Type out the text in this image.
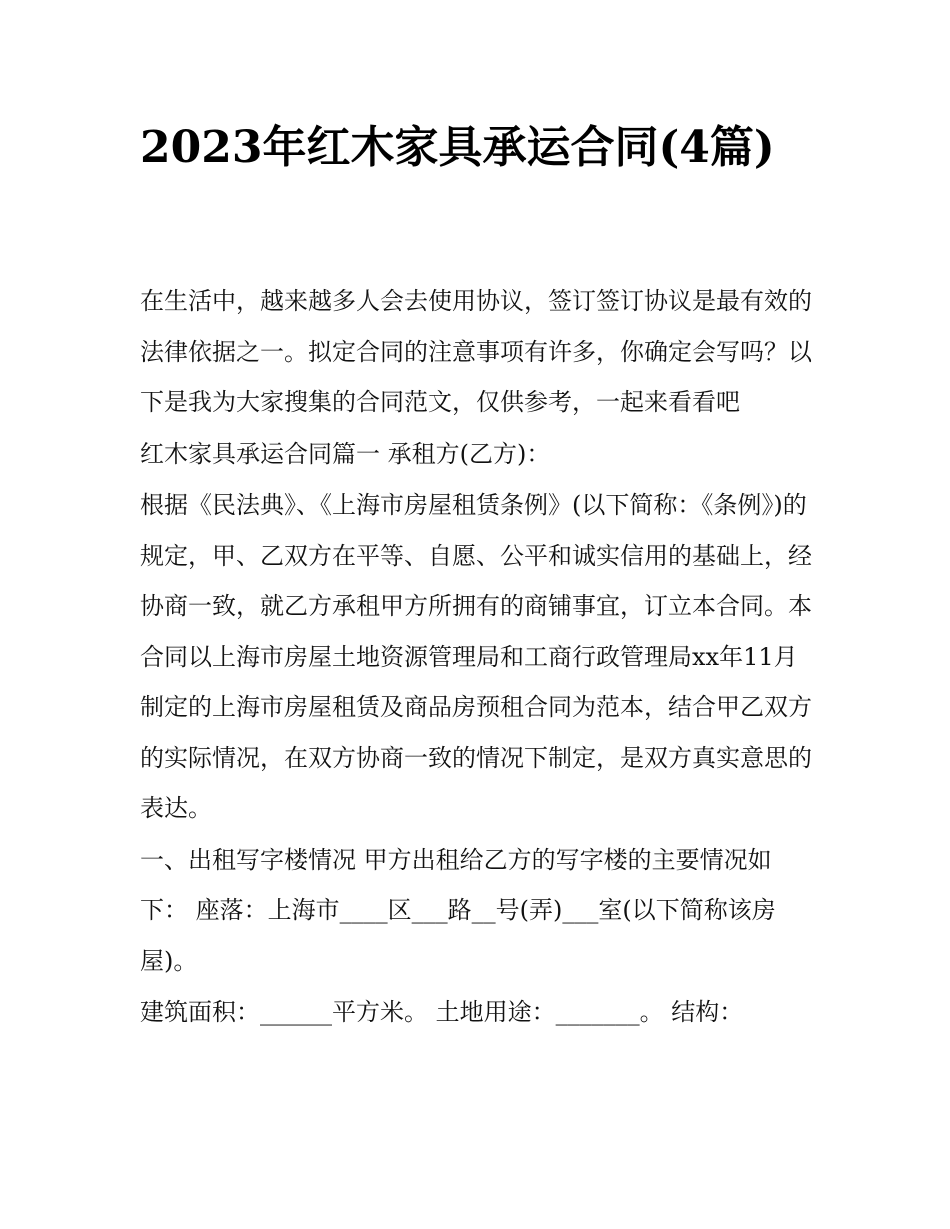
2023年红木家具承运合同(4篇)

在生活中，越来越多人会去使用协议，签订签订协议是最有效的法律依据之一。拟定合同的注意事项有许多，你确定会写吗？以下是我为大家搜集的合同范文，仅供参考，一起来看看吧

红木家具承运合同篇一 承租方(乙方)：

根据《民法典》、《上海市房屋租赁条例》(以下简称：《条例》)的规定，甲、乙双方在平等、自愿、公平和诚实信用的基础上，经协商一致，就乙方承租甲方所拥有的商铺事宜，订立本合同。本合同以上海市房屋土地资源管理局和工商行政管理局xx年11月制定的上海市房屋租赁及商品房预租合同为范本，结合甲乙双方的实际情况，在双方协商一致的情况下制定，是双方真实意思的表达。

一、出租写字楼情况 甲方出租给乙方的写字楼的主要情况如下： 座落：上海市____区___路__号(弄)___室(以下简称该房屋)。

建筑面积：______平方米。 土地用途：_______。 结构：
